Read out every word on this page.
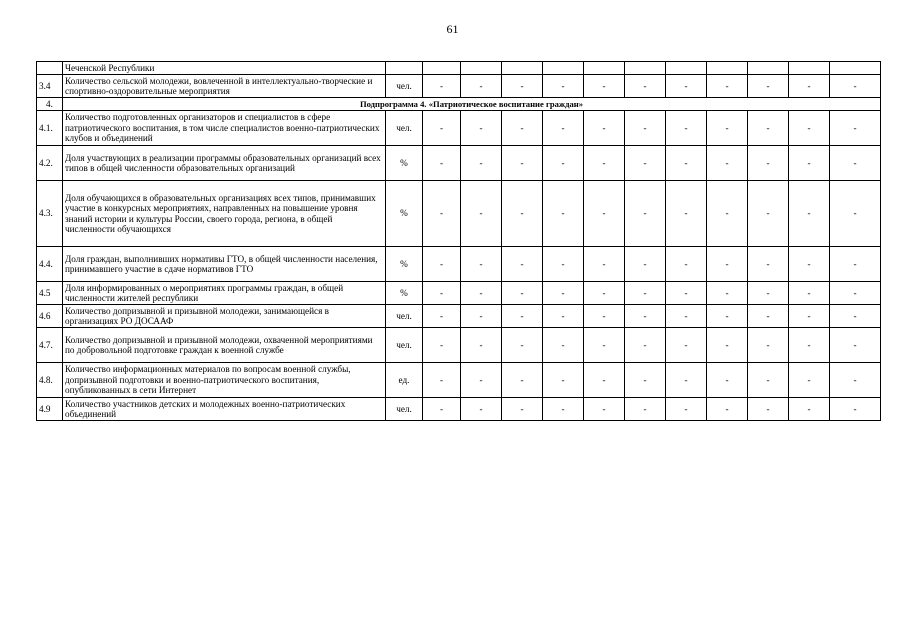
61
	Чеченской Республики												
3.4	Количество сельской молодежи, вовлеченной в интеллектуально-творческие и спортивно-оздоровительные мероприятия	чел.	-	-	-	-	-	-	-	-	-	-	-
4.	Подпрограмма 4. «Патриотическое воспитание граждан»												
4.1.	Количество подготовленных организаторов и специалистов в сфере патриотического воспитания, в том числе специалистов военно-патриотических клубов и объединений	чел.	-	-	-	-	-	-	-	-	-	-	-
4.2.	Доля участвующих в реализации программы образовательных организаций всех типов в общей численности образовательных организаций	%	-	-	-	-	-	-	-	-	-	-	-
4.3.	Доля обучающихся в образовательных организациях всех типов, принимавших участие в конкурсных мероприятиях, направленных на повышение уровня знаний истории и культуры России, своего города, региона, в общей численности обучающихся	%	-	-	-	-	-	-	-	-	-	-	-
4.4.	Доля граждан, выполнивших нормативы ГТО, в общей численности населения, принимавшего участие в сдаче нормативов ГТО	%	-	-	-	-	-	-	-	-	-	-	-
4.5	Доля информированных о мероприятиях программы граждан, в общей численности жителей республики	%	-	-	-	-	-	-	-	-	-	-	-
4.6	Количество допризывной и призывной молодежи, занимающейся в организациях РО ДОСААФ	чел.	-	-	-	-	-	-	-	-	-	-	-
4.7.	Количество допризывной и призывной молодежи, охваченной мероприятиями по добровольной подготовке граждан к военной службе	чел.	-	-	-	-	-	-	-	-	-	-	-
4.8.	Количество информационных материалов по вопросам военной службы, допризывной подготовки и военно-патриотического воспитания, опубликованных в сети Интернет	ед.	-	-	-	-	-	-	-	-	-	-	-
4.9	Количество участников детских и молодежных военно-патриотических объединений	чел.	-	-	-	-	-	-	-	-	-	-	-
